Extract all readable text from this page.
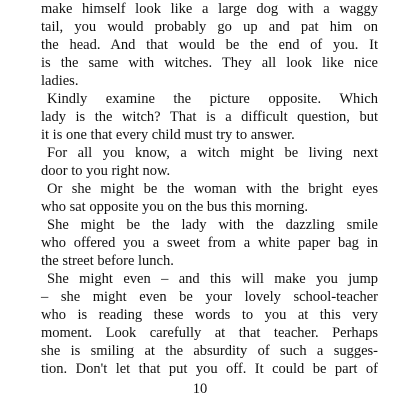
make himself look like a large dog with a waggy
tail, you would probably go up and pat him on
the head. And that would be the end of you. It
is the same with witches. They all look like nice
ladies.
Kindly examine the picture opposite. Which
lady is the witch? That is a difficult question, but
it is one that every child must try to answer.
For all you know, a witch might be living next
door to you right now.
Or she might be the woman with the bright eyes
who sat opposite you on the bus this morning.
She might be the lady with the dazzling smile
who offered you a sweet from a white paper bag in
the street before lunch.
She might even – and this will make you jump
– she might even be your lovely school-teacher
who is reading these words to you at this very
moment. Look carefully at that teacher. Perhaps
she is smiling at the absurdity of such a sugges-
tion. Don't let that put you off. It could be part of
10
